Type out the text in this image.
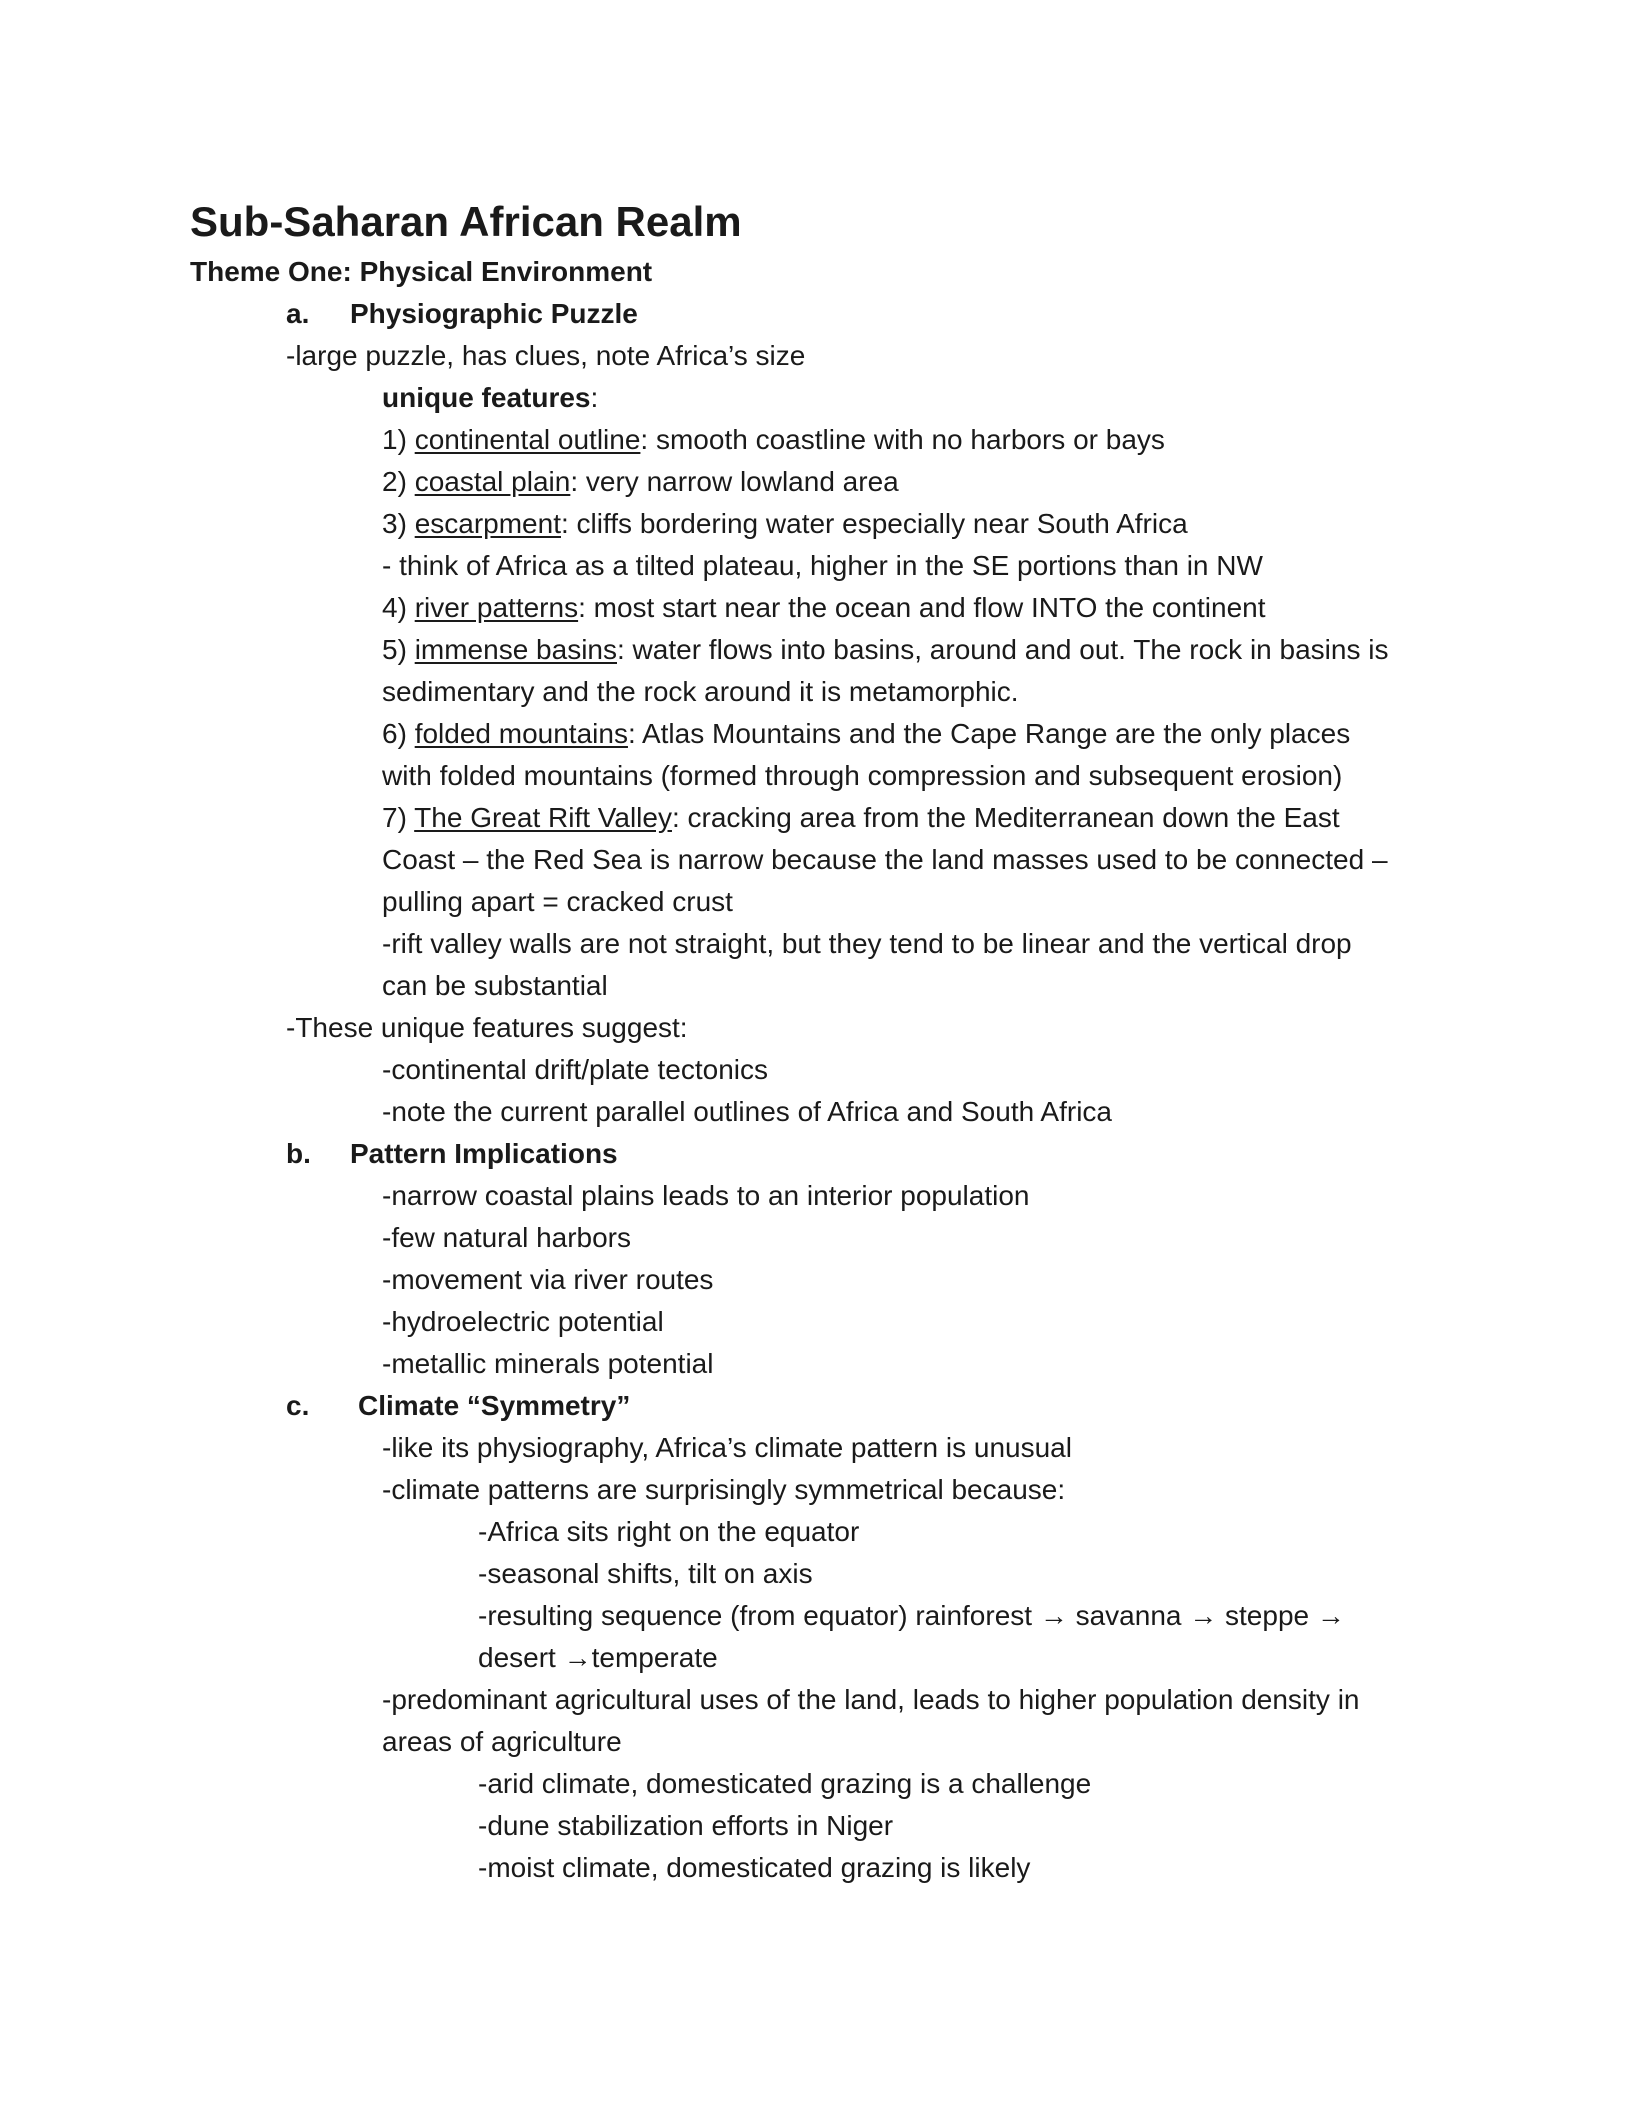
Sub-Saharan African Realm
Theme One: Physical Environment
a. Physiographic Puzzle
-large puzzle, has clues, note Africa’s size
unique features:
1) continental outline: smooth coastline with no harbors or bays
2) coastal plain: very narrow lowland area
3) escarpment: cliffs bordering water especially near South Africa
- think of Africa as a tilted plateau, higher in the SE portions than in NW
4) river patterns: most start near the ocean and flow INTO the continent
5) immense basins: water flows into basins, around and out. The rock in basins is
sedimentary and the rock around it is metamorphic.
6) folded mountains: Atlas Mountains and the Cape Range are the only places
with folded mountains (formed through compression and subsequent erosion)
7) The Great Rift Valley: cracking area from the Mediterranean down the East
Coast – the Red Sea is narrow because the land masses used to be connected –
pulling apart = cracked crust
-rift valley walls are not straight, but they tend to be linear and the vertical drop
can be substantial
-These unique features suggest:
-continental drift/plate tectonics
-note the current parallel outlines of Africa and South Africa
b. Pattern Implications
-narrow coastal plains leads to an interior population
-few natural harbors
-movement via river routes
-hydroelectric potential
-metallic minerals potential
c. Climate “Symmetry”
-like its physiography, Africa’s climate pattern is unusual
-climate patterns are surprisingly symmetrical because:
-Africa sits right on the equator
-seasonal shifts, tilt on axis
-resulting sequence (from equator) rainforest → savanna → steppe →
desert →temperate
-predominant agricultural uses of the land, leads to higher population density in
areas of agriculture
-arid climate, domesticated grazing is a challenge
-dune stabilization efforts in Niger
-moist climate, domesticated grazing is likely
